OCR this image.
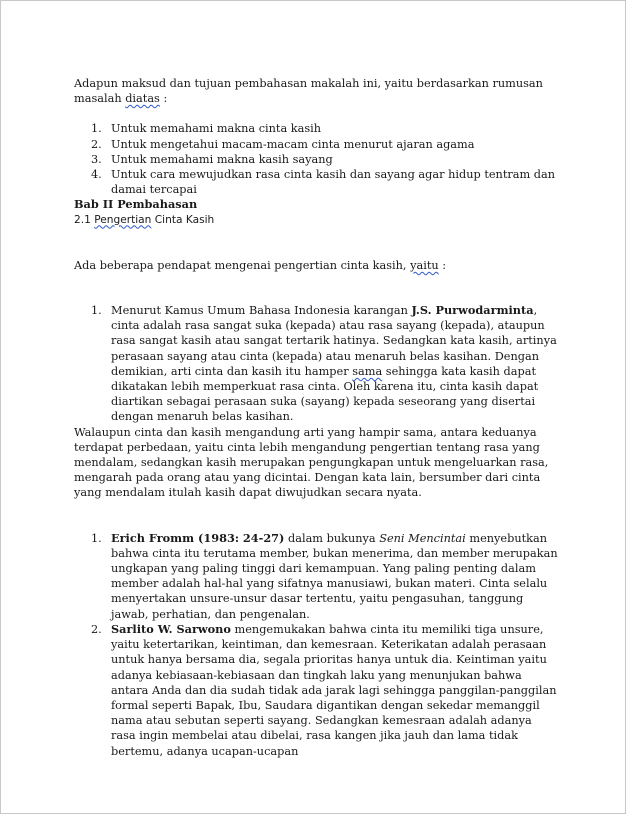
Adapun maksud dan tujuan pembahasan makalah ini, yaitu berdasarkan rumusan masalah diatas :

1. Untuk memahami makna cinta kasih
2. Untuk mengetahui macam-macam cinta menurut ajaran agama
3. Untuk memahami makna kasih sayang
4. Untuk cara mewujudkan rasa cinta kasih dan sayang agar hidup tentram dan damai tercapai

Bab II Pembahasan

2.1 Pengertian Cinta Kasih

Ada beberapa pendapat mengenai pengertian cinta kasih, yaitu :

1. Menurut Kamus Umum Bahasa Indonesia karangan J.S. Purwodarminta, cinta adalah rasa sangat suka (kepada) atau rasa sayang (kepada), ataupun rasa sangat kasih atau sangat tertarik hatinya. Sedangkan kata kasih, artinya perasaan sayang atau cinta (kepada) atau menaruh belas kasihan. Dengan demikian, arti cinta dan kasih itu hamper sama sehingga kata kasih dapat dikatakan lebih memperkuat rasa cinta. Oleh karena itu, cinta kasih dapat diartikan sebagai perasaan suka (sayang) kepada seseorang yang disertai dengan menaruh belas kasihan.

Walaupun cinta dan kasih mengandung arti yang hampir sama, antara keduanya terdapat perbedaan, yaitu cinta lebih mengandung pengertian tentang rasa yang mendalam, sedangkan kasih merupakan pengungkapan untuk mengeluarkan rasa, mengarah pada orang atau yang dicintai. Dengan kata lain, bersumber dari cinta yang mendalam itulah kasih dapat diwujudkan secara nyata.

1. Erich Fromm (1983: 24-27) dalam bukunya Seni Mencintai menyebutkan bahwa cinta itu terutama member, bukan menerima, dan member merupakan ungkapan yang paling tinggi dari kemampuan. Yang paling penting dalam member adalah hal-hal yang sifatnya manusiawi, bukan materi. Cinta selalu menyertakan unsure-unsur dasar tertentu, yaitu pengasuhan, tanggung jawab, perhatian, dan pengenalan.
2. Sarlito W. Sarwono mengemukakan bahwa cinta itu memiliki tiga unsure, yaitu ketertarikan, keintiman, dan kemesraan. Keterikatan adalah perasaan untuk hanya bersama dia, segala prioritas hanya untuk dia. Keintiman yaitu adanya kebiasaan-kebiasaan dan tingkah laku yang menunjukan bahwa antara Anda dan dia sudah tidak ada jarak lagi sehingga panggilan-panggilan formal seperti Bapak, Ibu, Saudara digantikan dengan sekedar memanggil nama atau sebutan seperti sayang. Sedangkan kemesraan adalah adanya rasa ingin membelai atau dibelai, rasa kangen jika jauh dan lama tidak bertemu, adanya ucapan-ucapan
